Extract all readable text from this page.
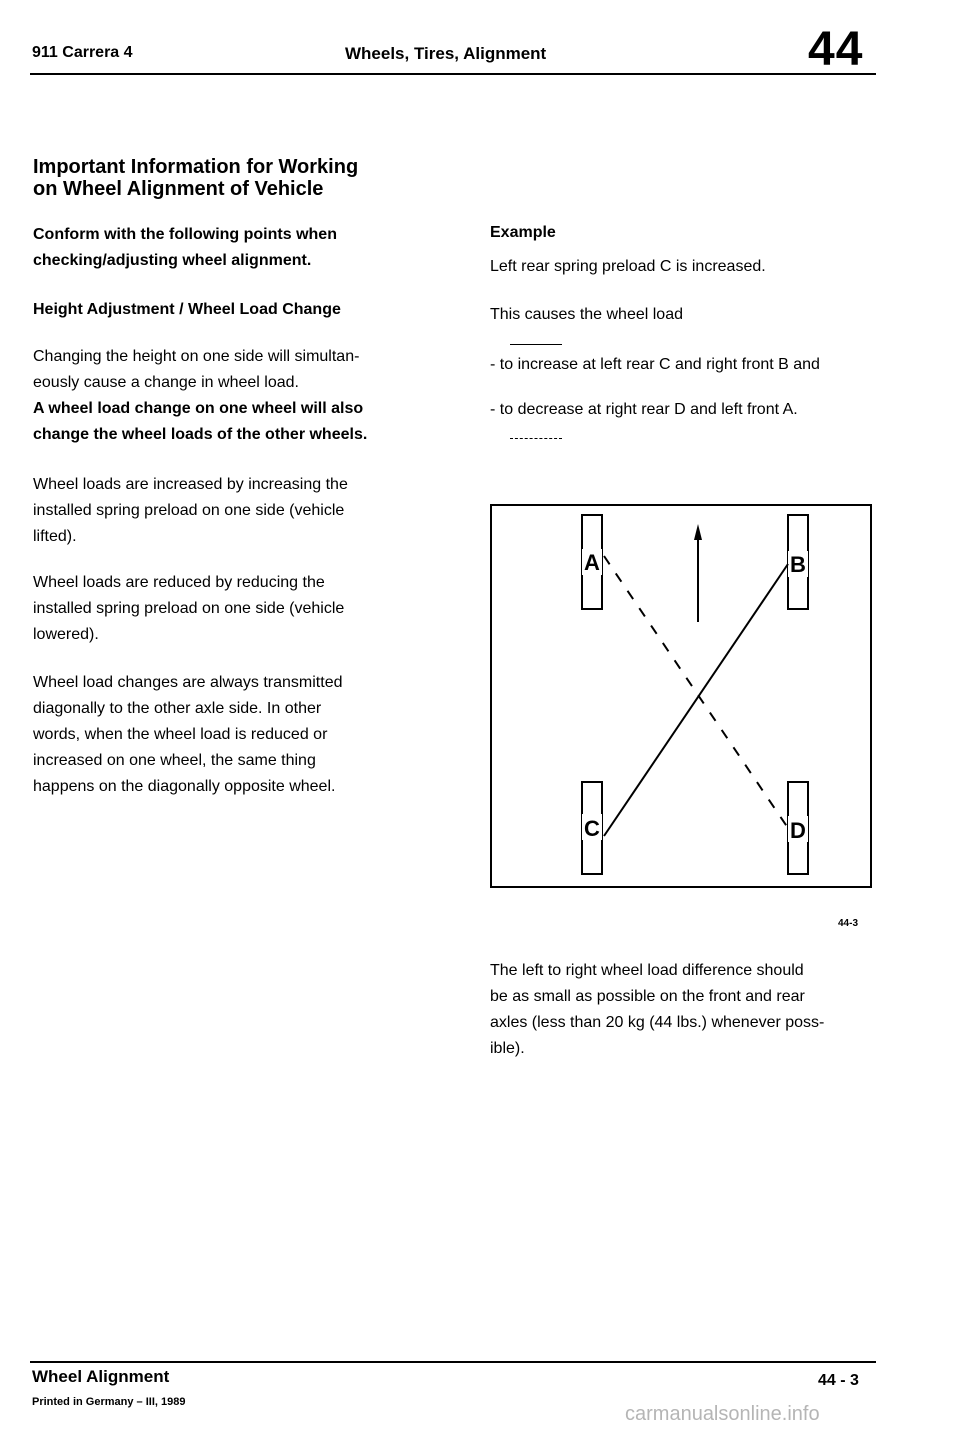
911 Carrera 4	Wheels, Tires, Alignment	44
Important Information for Working
on Wheel Alignment of Vehicle

Conform with the following points when

checking/adjusting wheel alignment.

Height Adjustment / Wheel Load Change

Changing the height on one side will simultan-

eously cause a change in wheel load.

A wheel load change on one wheel will also

change the wheel loads of the other wheels.

Wheel loads are increased by increasing the

installed spring preload on one side (vehicle

lifted).

Wheel loads are reduced by reducing the

installed spring preload on one side (vehicle

lowered).

Wheel load changes are always transmitted

diagonally to the other axle side. In other

words, when the wheel load is reduced or

increased on one wheel, the same thing

happens on the diagonally opposite wheel.

Example

Left rear spring preload C is increased.

This causes the wheel load

- to increase at left rear C and right front B and

- to decrease at right rear D and left front A.

A	B
C	D
44-3

The left to right wheel load difference should

be as small as possible on the front and rear

axles (less than 20 kg (44 lbs.) whenever poss-

ible).

Wheel Alignment
Printed in Germany – III, 1989
44 - 3
carmanualsonline.info
